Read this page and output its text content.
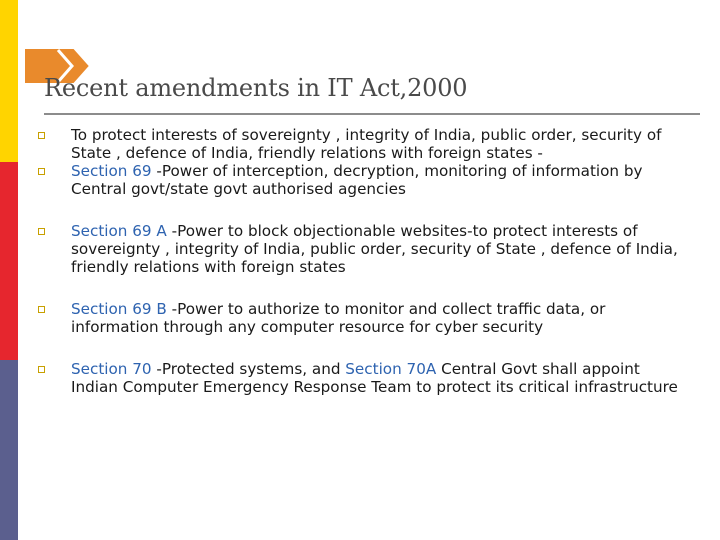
Recent amendments in IT Act,2000
To protect interests of sovereignty , integrity of India, public order, security of State , defence of India, friendly relations with foreign states -
Section 69 -Power of interception, decryption, monitoring of information by Central govt/state govt authorised agencies
Section 69 A -Power to block objectionable websites-to protect interests of sovereignty , integrity of India, public order, security of State , defence of India, friendly relations with foreign states
Section 69 B -Power to authorize to monitor and collect traffic data, or information through any computer resource for cyber security
Section 70 -Protected systems, and Section 70A Central Govt shall appoint Indian Computer Emergency Response Team to protect its critical infrastructure
